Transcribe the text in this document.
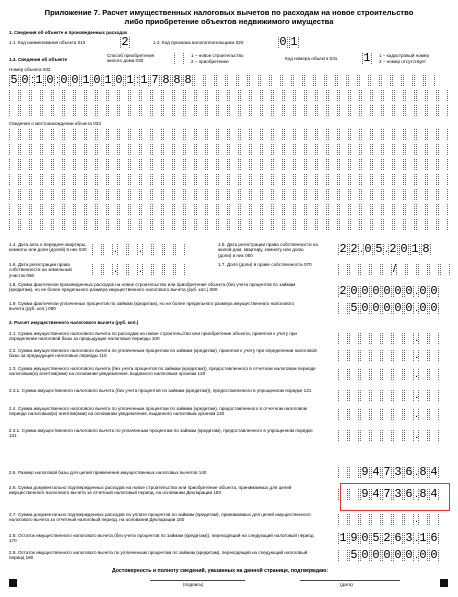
Приложение 7. Расчет имущественных налоговых вычетов по расходам на новое строительство
либо приобретение объектов недвижимого имущества
1. Сведения об объекте и произведенных расходах
1.1. Код наименования объекта 010	2	1.2. Код признака налогоплательщика 020	0 1
1.3. Сведения об объекте
Способ приобретения жилого дома 030
1 – новое строительство
2 – приобретение
Код номера объекта 031 1	1 – кадастровый номер
2 – номер отсутствует
Номер объекта 032
5 0 : 1 0 : 0 0 1 0 1 0 1 : 1 7 8 8 8
Сведения о местонахождении объекта 033
1.4. Дата акта о передаче квартиры, комнаты или доли (долей) в них 040 . .	1.5. Дата регистрации права собственности на жилой дом, квартиру, комнату или долю (доли) в них 050	2 2 . 0 5 . 2 0 1 8
1.6. Дата регистрации права собственности на земельный участок 060
. .	1.7. Доля (доли) в праве собственности 070	/
1.8. Сумма фактически произведенных расходов на новое строительство или приобретение объекта (без учета процентов по займам (кредитам), но не более предельного размера имущественного налогового вычета (руб. коп.) 080	2 0 0 0 0 0 0 . 0 0
1.9. Сумма фактически уплаченных процентов по займам (кредитам), но не более предельного размера имущественного налогового вычета (руб. коп.) 090	5 0 0 0 0 0 . 0 0
2. Расчет имущественного налогового вычета (руб. коп.)
2.1. Сумма имущественного налогового вычета по расходам на новое строительство или приобретение объекта, принятая к учету при определении налоговой базы за предыдущие налоговые периоды 100	.
2.2. Сумма имущественного налогового вычета по уплаченным процентам по займам (кредитам), принятая к учету при определении налоговой базы за предыдущие налоговые периоды 110	.
2.3. Сумма имущественного налогового вычета (без учета процентов по займам (кредитам)), предоставленного в отчетном налоговом периоде налоговым(и) агентом(ами) на основании уведомления, выданного налоговым органом 120	.
2.3.1. Сумма имущественного налогового вычета (без учета процентов по займам (кредитам)), предоставленного в упрощенном порядке 121	.
2.4. Сумма имущественного налогового вычета по уплаченным процентам по займам (кредитам), предоставленного в отчетном налоговом периоде налоговым(и) агентом(ами) на основании уведомления, выданного налоговым органом 130	.
2.4.1. Сумма имущественного налогового вычета по уплаченным процентам по займам (кредитам), предоставленного в упрощенном порядке 131	.
2.5. Размер налоговой базы для целей применения имущественных налоговых вычетов 140	9 4 7 3 6 . 8 4
2.6. Сумма документально подтвержденных расходов на новое строительство или приобретение объекта, принимаемых для целей имущественного налогового вычета за отчетный налоговый период, на основании Декларации 150	9 4 7 3 6 . 8 4
2.7. Сумма документально подтвержденных расходов по уплате процентов по займам (кредитам), принимаемых для целей имущественного налогового вычета за отчетный налоговый период, на основании Декларации 160	.
2.8. Остаток имущественного налогового вычета (без учета процентов по займам (кредитам)), переходящий на следующий налоговый период 170	1 9 0 5 2 6 3 . 1 6
2.9. Остаток имущественного налогового вычета по уплаченным процентам по займам (кредитам), переходящий на следующий налоговый период 180	5 0 0 0 0 0 . 0 0
Достоверность и полноту сведений, указанных на данной странице, подтверждаю:
(подпись)	(дата)
